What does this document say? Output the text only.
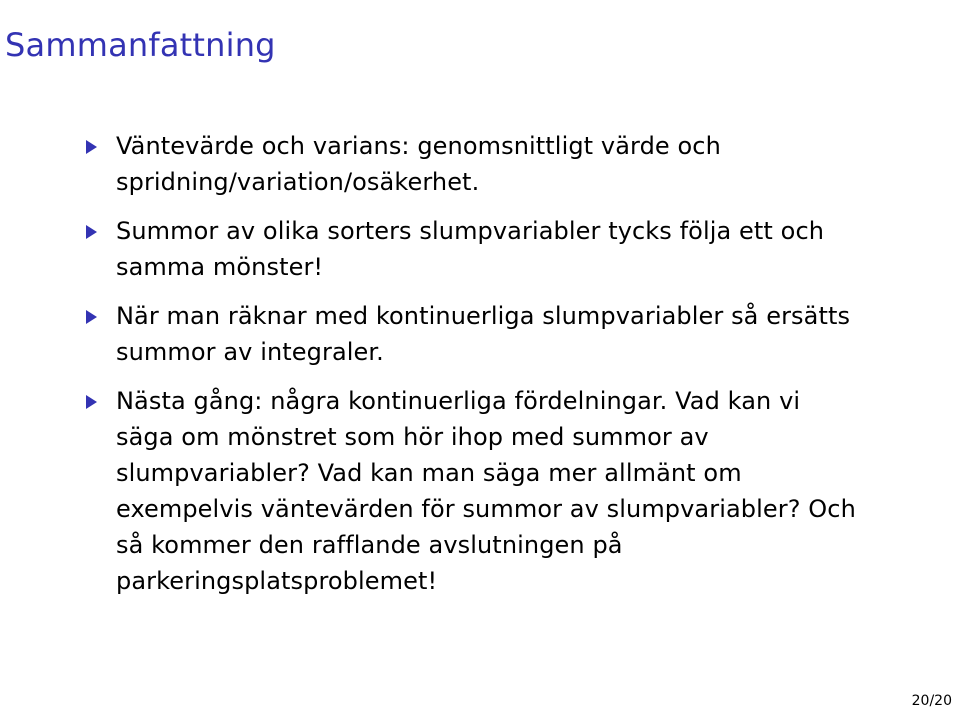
Sammanfattning
Väntevärde och varians: genomsnittligt värde och spridning/variation/osäkerhet.
Summor av olika sorters slumpvariabler tycks följa ett och samma mönster!
När man räknar med kontinuerliga slumpvariabler så ersätts summor av integraler.
Nästa gång: några kontinuerliga fördelningar. Vad kan vi säga om mönstret som hör ihop med summor av slumpvariabler? Vad kan man säga mer allmänt om exempelvis väntevärden för summor av slumpvariabler? Och så kommer den rafflande avslutningen på parkeringsplatsproblemet!
20/20
